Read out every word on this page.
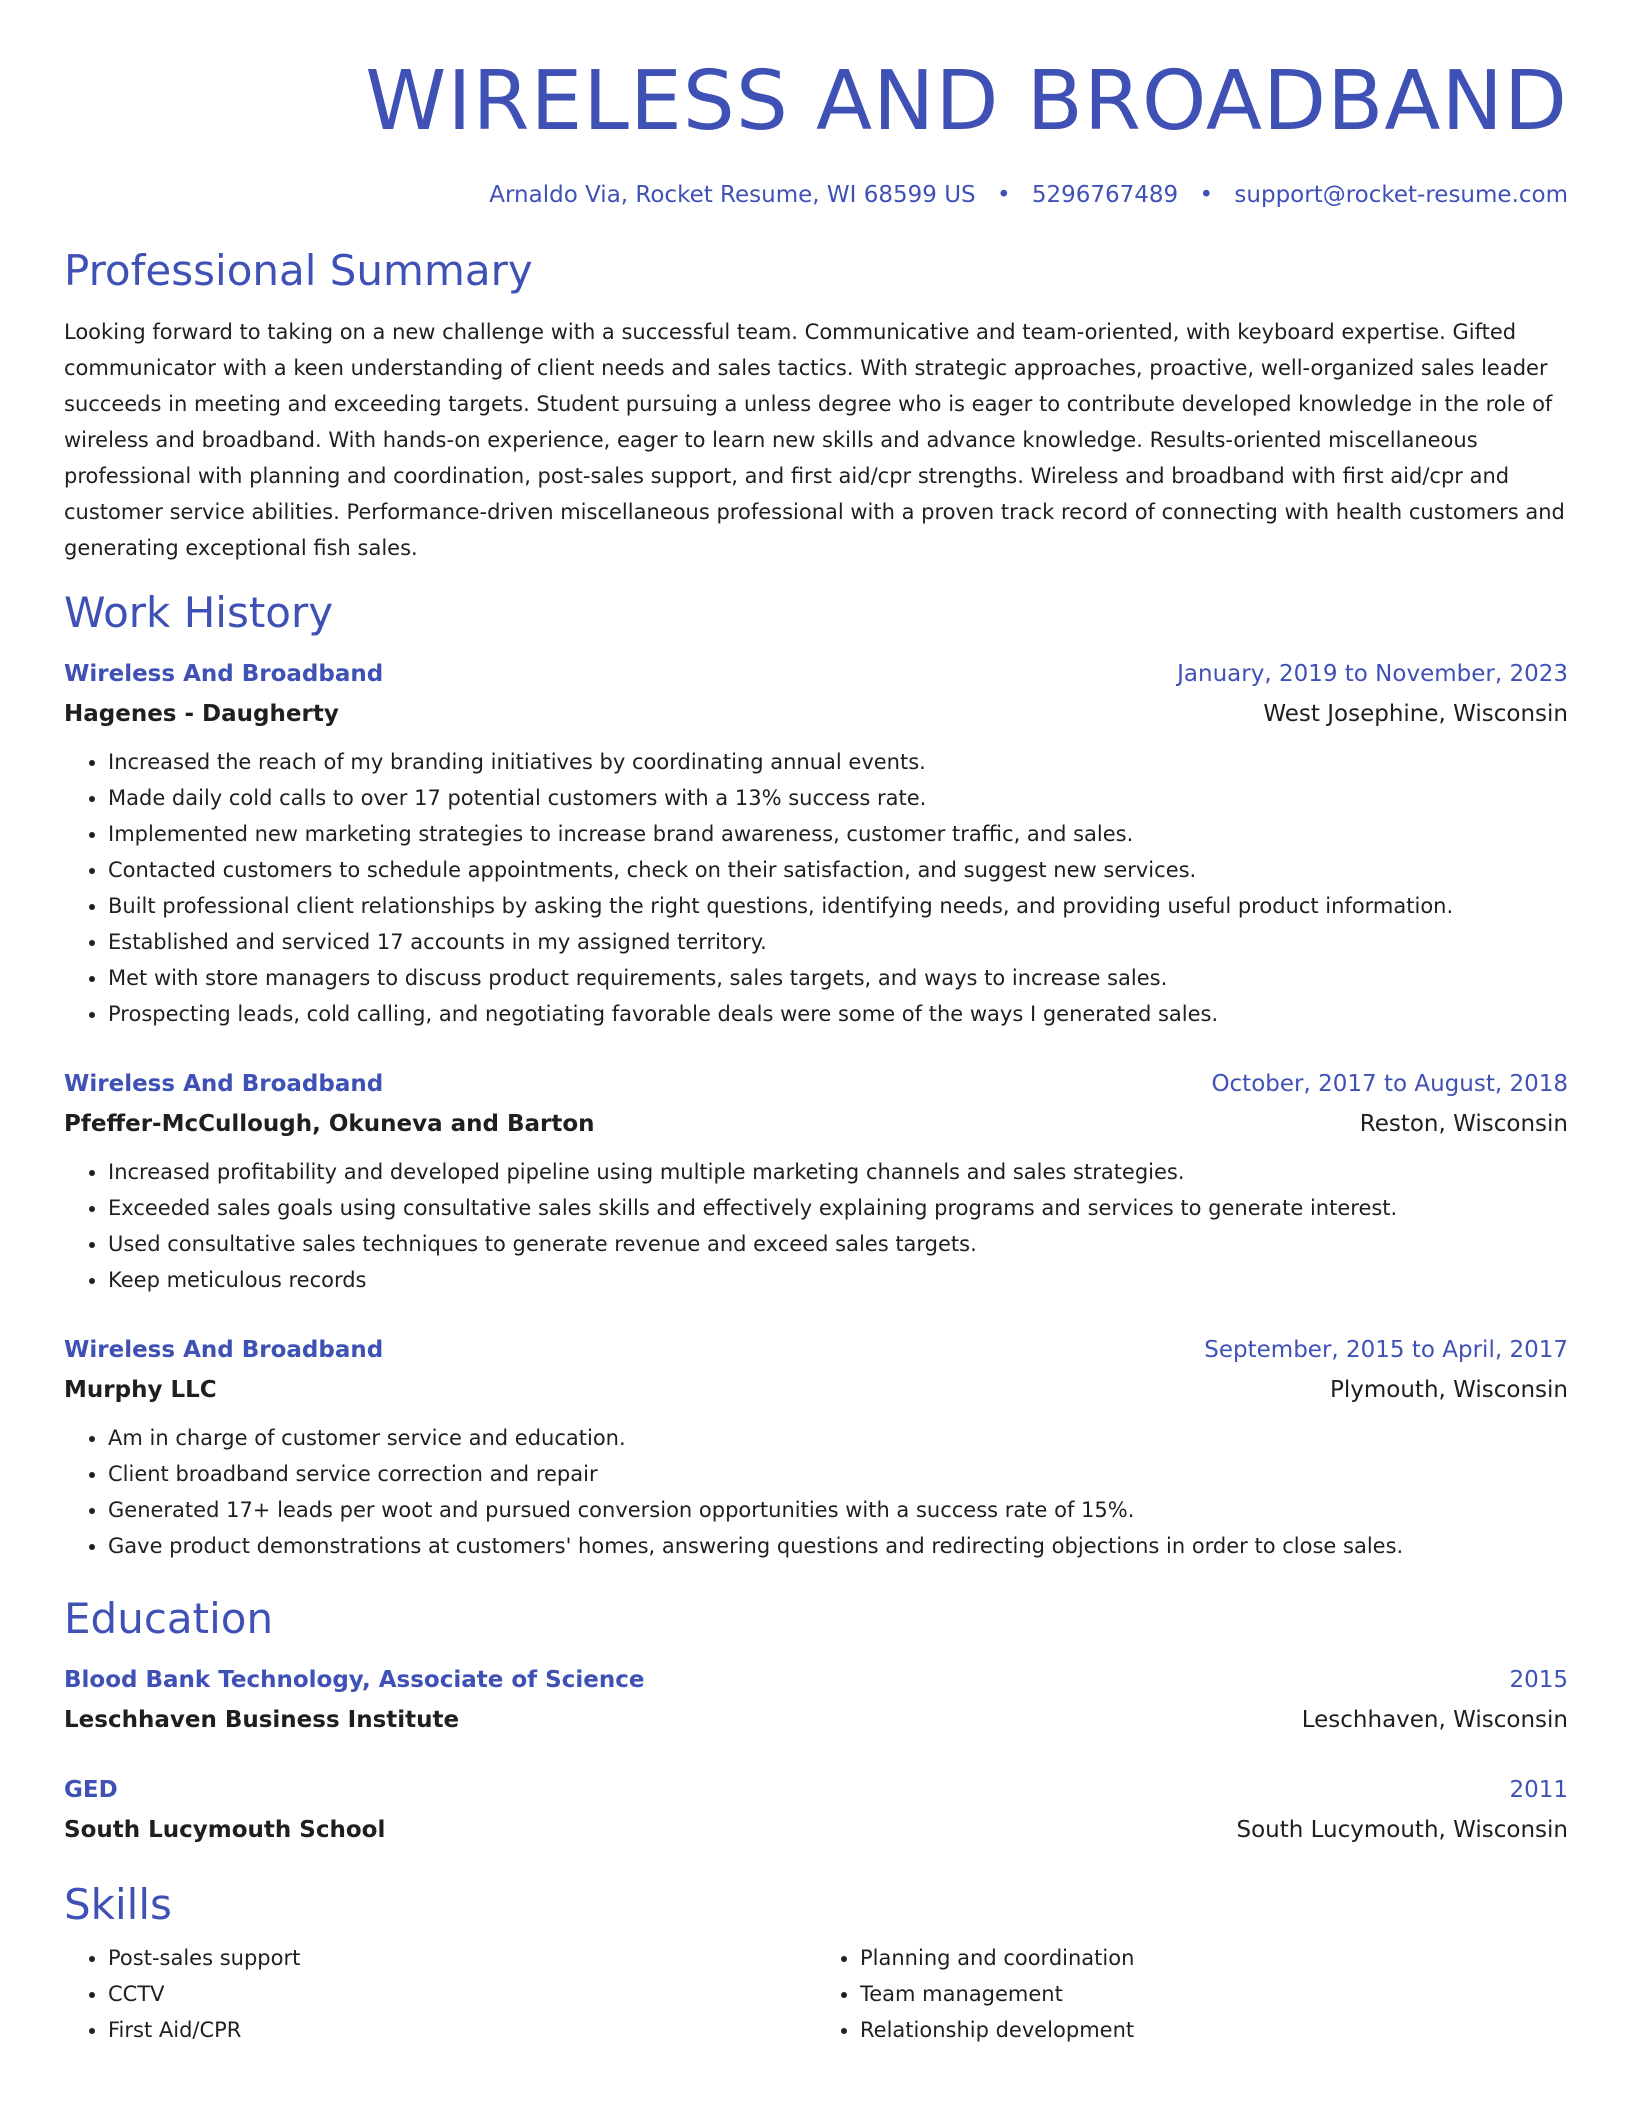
WIRELESS AND BROADBAND
Arnaldo Via, Rocket Resume, WI 68599 US • 5296767489 • support@rocket-resume.com
Professional Summary

Looking forward to taking on a new challenge with a successful team. Communicative and team-oriented, with keyboard expertise. Gifted communicator with a keen understanding of client needs and sales tactics. With strategic approaches, proactive, well-organized sales leader succeeds in meeting and exceeding targets. Student pursuing a unless degree who is eager to contribute developed knowledge in the role of wireless and broadband. With hands-on experience, eager to learn new skills and advance knowledge. Results-oriented miscellaneous professional with planning and coordination, post-sales support, and first aid/cpr strengths. Wireless and broadband with first aid/cpr and customer service abilities. Performance-driven miscellaneous professional with a proven track record of connecting with health customers and generating exceptional fish sales.

Work History
Wireless And Broadband	January, 2019 to November, 2023
Hagenes - Daugherty	West Josephine, Wisconsin
• Increased the reach of my branding initiatives by coordinating annual events.
• Made daily cold calls to over 17 potential customers with a 13% success rate.
• Implemented new marketing strategies to increase brand awareness, customer traffic, and sales.
• Contacted customers to schedule appointments, check on their satisfaction, and suggest new services.
• Built professional client relationships by asking the right questions, identifying needs, and providing useful product information.
• Established and serviced 17 accounts in my assigned territory.
• Met with store managers to discuss product requirements, sales targets, and ways to increase sales.
• Prospecting leads, cold calling, and negotiating favorable deals were some of the ways I generated sales.
Wireless And Broadband	October, 2017 to August, 2018
Pfeffer-McCullough, Okuneva and Barton	Reston, Wisconsin
• Increased profitability and developed pipeline using multiple marketing channels and sales strategies.
• Exceeded sales goals using consultative sales skills and effectively explaining programs and services to generate interest.
• Used consultative sales techniques to generate revenue and exceed sales targets.
• Keep meticulous records
Wireless And Broadband	September, 2015 to April, 2017
Murphy LLC	Plymouth, Wisconsin
• Am in charge of customer service and education.
• Client broadband service correction and repair
• Generated 17+ leads per woot and pursued conversion opportunities with a success rate of 15%.
• Gave product demonstrations at customers' homes, answering questions and redirecting objections in order to close sales.
Education
Blood Bank Technology, Associate of Science	2015
Leschhaven Business Institute	Leschhaven, Wisconsin
GED	2011
South Lucymouth School	South Lucymouth, Wisconsin
Skills
• Post-sales support
• CCTV
• First Aid/CPR
• Planning and coordination
• Team management
• Relationship development
